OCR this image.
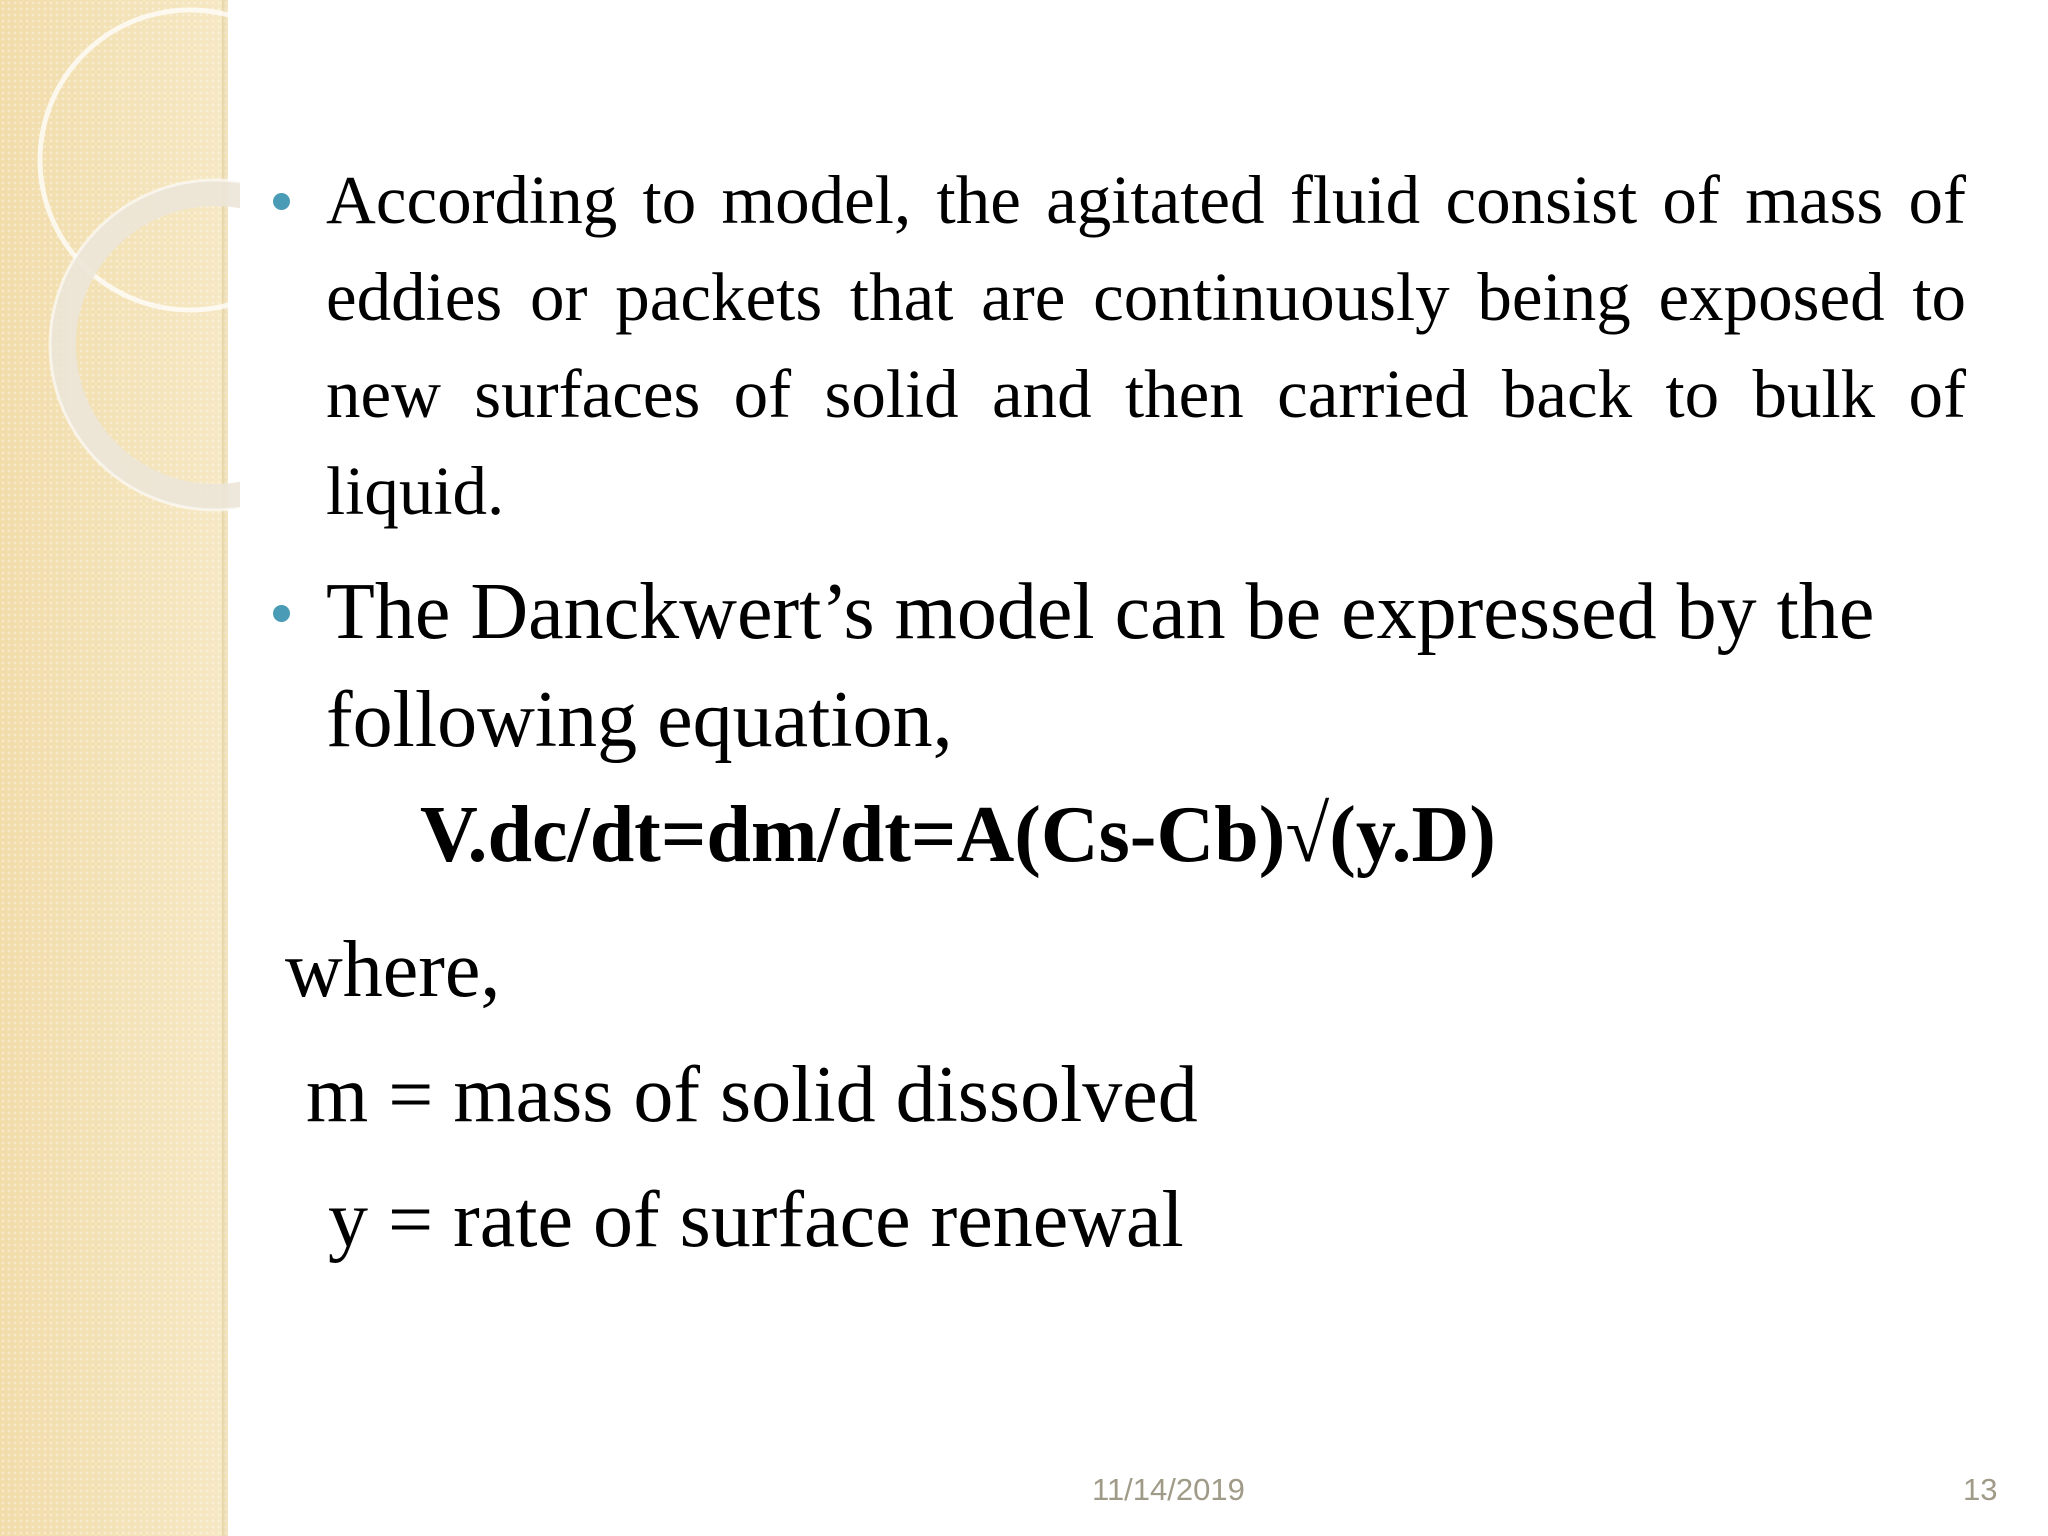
According to model, the agitated fluid consist of mass of eddies or packets that are continuously being exposed to new surfaces of solid and then carried back to bulk of liquid.
The Danckwert’s model can be expressed by the following equation,
V.dc/dt=dm/dt=A(Cs-Cb)√(y.D)
where,
m = mass of solid dissolved
y = rate of surface renewal
11/14/2019	13
